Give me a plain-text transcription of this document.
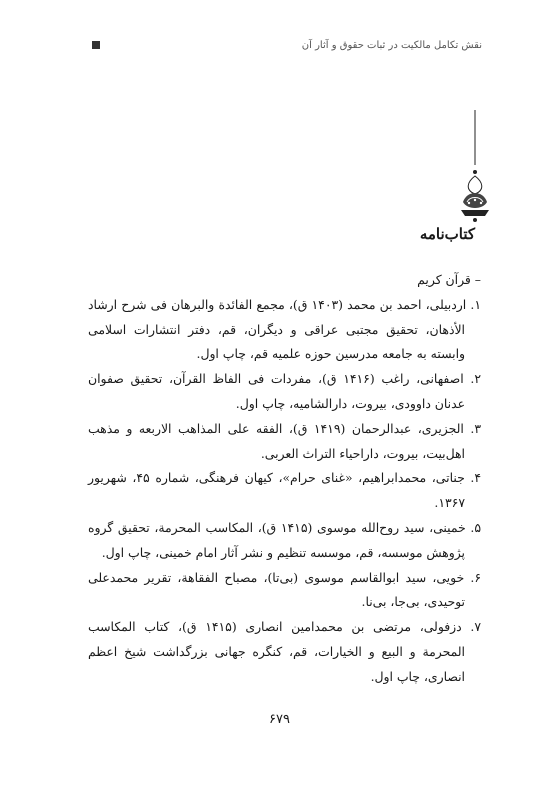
نقش تکامل مالکیت در ثبات حقوق و آثار آن
کتاب‌نامه

– قرآن کریم

۱. اردبیلی، احمد بن محمد (۱۴۰۳ ق)، مجمع الفائدة والبرهان فی شرح ارشاد الأذهان، تحقیق مجتبی عراقی و دیگران، قم، دفتر انتشارات اسلامی وابسته به جامعه مدرسین حوزه علمیه قم، چاپ اول.

۲. اصفهانی، راغب (۱۴۱۶ ق)، مفردات فی الفاظ القرآن، تحقیق صفوان عدنان داوودی، بیروت، دارالشامیه، چاپ اول.

۳. الجزیری، عبدالرحمان (۱۴۱۹ ق)، الفقه علی المذاهب الاربعه و مذهب اهل‌بیت، بیروت، داراحیاء التراث العربی.

۴. جناتی، محمدابراهیم، «غنای حرام»، کیهان فرهنگی، شماره ۴۵، شهریور ۱۳۶۷.

۵. خمینی، سید روح‌الله موسوی (۱۴۱۵ ق)، المکاسب المحرمة، تحقیق گروه پژوهش موسسه، قم، موسسه تنظیم و نشر آثار امام خمینی، چاپ اول.

۶. خویی، سید ابوالقاسم موسوی (بی‌تا)، مصباح الفقاهة، تقریر محمدعلی توحیدی، بی‌جا، بی‌نا.

۷. دزفولی، مرتضی بن محمدامین انصاری (۱۴۱۵ ق)، کتاب المکاسب المحرمة و البیع و الخیارات، قم، کنگره جهانی بزرگداشت شیخ اعظم انصاری، چاپ اول.

۶۷۹
